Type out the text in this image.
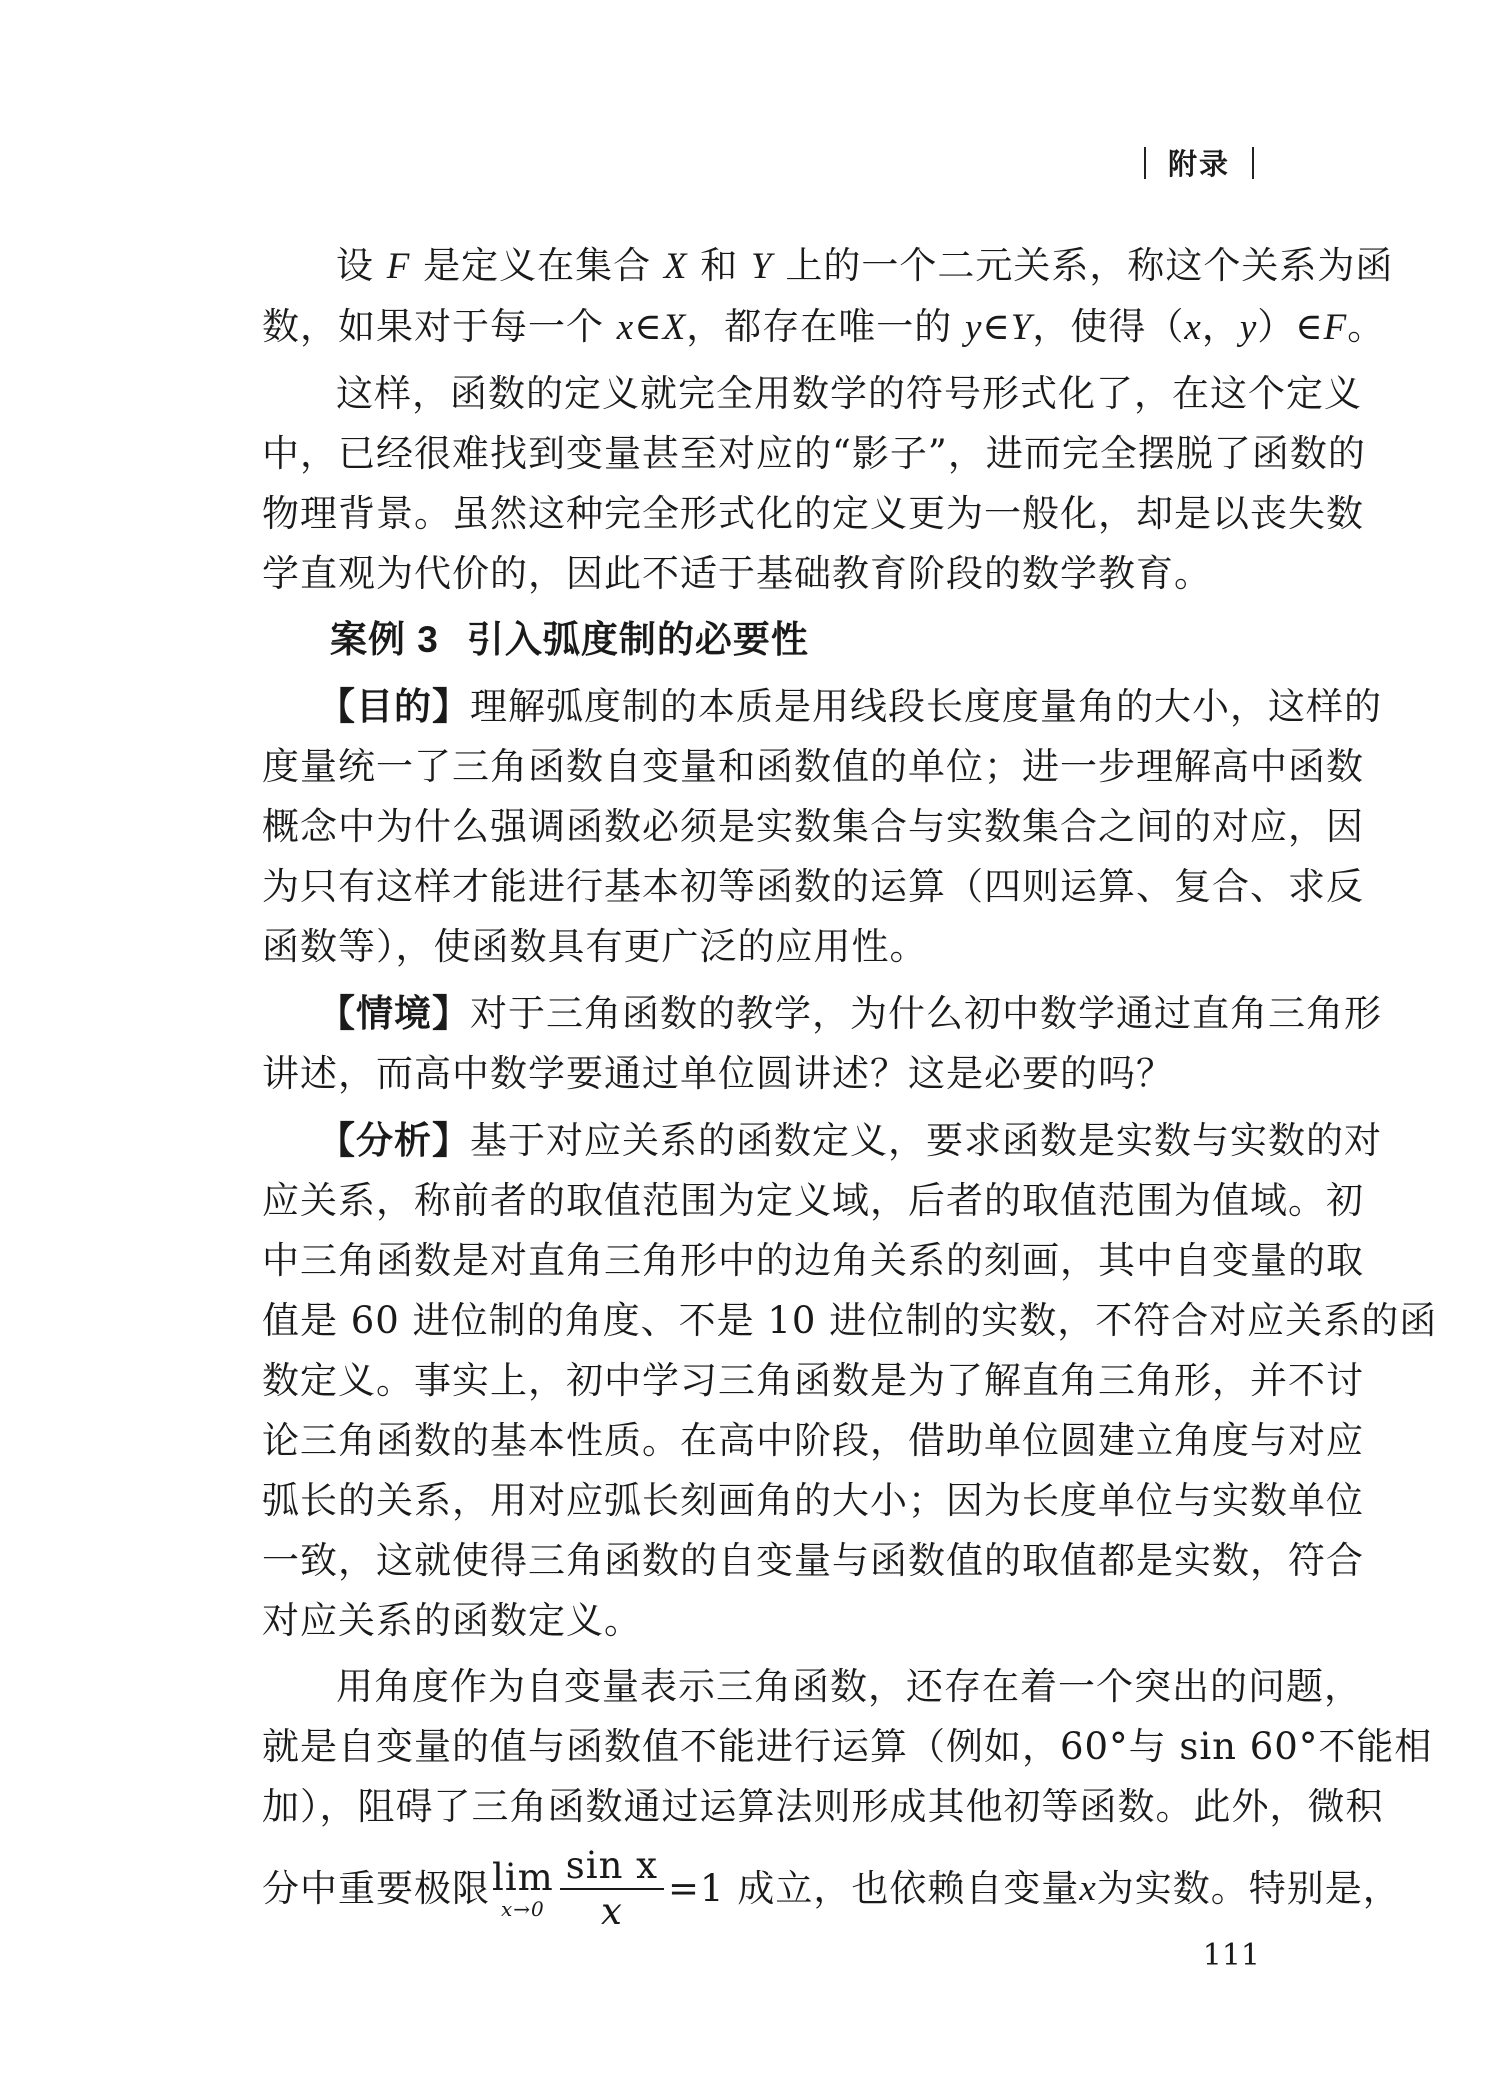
附录
设 F 是定义在集合 X 和 Y 上的一个二元关系，称这个关系为函
数，如果对于每一个 x∈X，都存在唯一的 y∈Y，使得（x，y）∈F。
这样，函数的定义就完全用数学的符号形式化了，在这个定义
中，已经很难找到变量甚至对应的“影子”，进而完全摆脱了函数的
物理背景。虽然这种完全形式化的定义更为一般化，却是以丧失数
学直观为代价的，因此不适于基础教育阶段的数学教育。
案例 3 引入弧度制的必要性
【目的】理解弧度制的本质是用线段长度度量角的大小，这样的
度量统一了三角函数自变量和函数值的单位；进一步理解高中函数
概念中为什么强调函数必须是实数集合与实数集合之间的对应，因
为只有这样才能进行基本初等函数的运算（四则运算、复合、求反
函数等），使函数具有更广泛的应用性。
【情境】对于三角函数的教学，为什么初中数学通过直角三角形
讲述，而高中数学要通过单位圆讲述？这是必要的吗？
【分析】基于对应关系的函数定义，要求函数是实数与实数的对
应关系，称前者的取值范围为定义域，后者的取值范围为值域。初
中三角函数是对直角三角形中的边角关系的刻画，其中自变量的取
值是 60 进位制的角度、不是 10 进位制的实数，不符合对应关系的函
数定义。事实上，初中学习三角函数是为了解直角三角形，并不讨
论三角函数的基本性质。在高中阶段，借助单位圆建立角度与对应
弧长的关系，用对应弧长刻画角的大小；因为长度单位与实数单位
一致，这就使得三角函数的自变量与函数值的取值都是实数，符合
对应关系的函数定义。
用角度作为自变量表示三角函数，还存在着一个突出的问题，
就是自变量的值与函数值不能进行运算（例如，60°与 sin 60°不能相
加），阻碍了三角函数通过运算法则形成其他初等函数。此外，微积
分中重要极限 lim
$x\to 0 \frac{\text{sin x}}{x} =1$ 成立，也依赖自变量 x 为实数。特别是，
111
